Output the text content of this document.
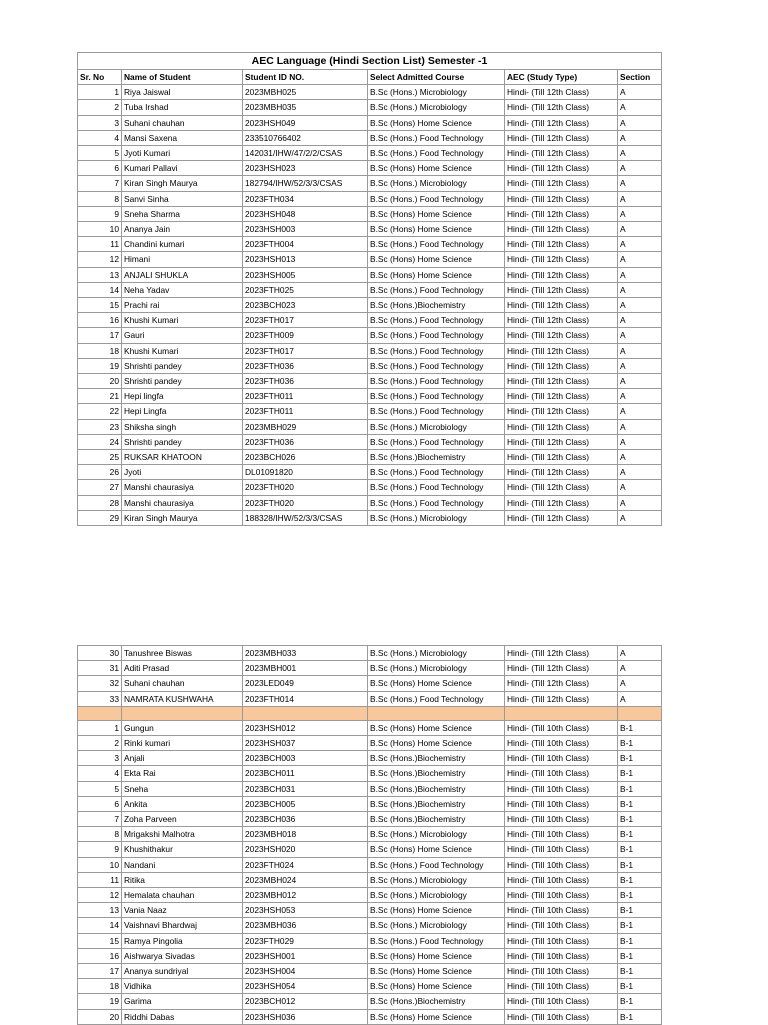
AEC Language (Hindi Section List) Semester -1					
Sr. No	Name of Student	Student ID NO.	Select Admitted Course	AEC (Study Type)	Section
1	Riya Jaiswal	2023MBH025	B.Sc (Hons.) Microbiology	Hindi- (Till 12th Class)	A
2	Tuba Irshad	2023MBH035	B.Sc (Hons.) Microbiology	Hindi- (Till 12th Class)	A
3	Suhani chauhan	2023HSH049	B.Sc (Hons) Home Science	Hindi- (Till 12th Class)	A
4	Mansi Saxena	233510766402	B.Sc (Hons.) Food Technology	Hindi- (Till 12th Class)	A
5	Jyoti Kumari	142031/IHW/47/2/2/CSAS	B.Sc (Hons.) Food Technology	Hindi- (Till 12th Class)	A
6	Kumari Pallavi	2023HSH023	B.Sc (Hons) Home Science	Hindi- (Till 12th Class)	A
7	Kiran Singh Maurya	182794/IHW/52/3/3/CSAS	B.Sc (Hons.) Microbiology	Hindi- (Till 12th Class)	A
8	Sanvi Sinha	2023FTH034	B.Sc (Hons.) Food Technology	Hindi- (Till 12th Class)	A
9	Sneha Sharma	2023HSH048	B.Sc (Hons) Home Science	Hindi- (Till 12th Class)	A
10	Ananya Jain	2023HSH003	B.Sc (Hons) Home Science	Hindi- (Till 12th Class)	A
11	Chandini kumari	2023FTH004	B.Sc (Hons.) Food Technology	Hindi- (Till 12th Class)	A
12	Himani	2023HSH013	B.Sc (Hons) Home Science	Hindi- (Till 12th Class)	A
13	ANJALI SHUKLA	2023HSH005	B.Sc (Hons) Home Science	Hindi- (Till 12th Class)	A
14	Neha Yadav	2023FTH025	B.Sc (Hons.) Food Technology	Hindi- (Till 12th Class)	A
15	Prachi rai	2023BCH023	B.Sc (Hons.)Biochemistry	Hindi- (Till 12th Class)	A
16	Khushi Kumari	2023FTH017	B.Sc (Hons.) Food Technology	Hindi- (Till 12th Class)	A
17	Gauri	2023FTH009	B.Sc (Hons.) Food Technology	Hindi- (Till 12th Class)	A
18	Khushi Kumari	2023FTH017	B.Sc (Hons.) Food Technology	Hindi- (Till 12th Class)	A
19	Shrishti pandey	2023FTH036	B.Sc (Hons.) Food Technology	Hindi- (Till 12th Class)	A
20	Shrishti pandey	2023FTH036	B.Sc (Hons.) Food Technology	Hindi- (Till 12th Class)	A
21	Hepi lingfa	2023FTH011	B.Sc (Hons.) Food Technology	Hindi- (Till 12th Class)	A
22	Hepi Lingfa	2023FTH011	B.Sc (Hons.) Food Technology	Hindi- (Till 12th Class)	A
23	Shiksha singh	2023MBH029	B.Sc (Hons.) Microbiology	Hindi- (Till 12th Class)	A
24	Shrishti pandey	2023FTH036	B.Sc (Hons.) Food Technology	Hindi- (Till 12th Class)	A
25	RUKSAR KHATOON	2023BCH026	B.Sc (Hons.)Biochemistry	Hindi- (Till 12th Class)	A
26	Jyoti	DL01091820	B.Sc (Hons.) Food Technology	Hindi- (Till 12th Class)	A
27	Manshi chaurasiya	2023FTH020	B.Sc (Hons.) Food Technology	Hindi- (Till 12th Class)	A
28	Manshi chaurasiya	2023FTH020	B.Sc (Hons.) Food Technology	Hindi- (Till 12th Class)	A
29	Kiran Singh Maurya	188328/IHW/52/3/3/CSAS	B.Sc (Hons.) Microbiology	Hindi- (Till 12th Class)	A
30	Tanushree Biswas	2023MBH033	B.Sc (Hons.) Microbiology	Hindi- (Till 12th Class)	A
31	Aditi Prasad	2023MBH001	B.Sc (Hons.) Microbiology	Hindi- (Till 12th Class)	A
32	Suhani chauhan	2023LED049	B.Sc (Hons) Home Science	Hindi- (Till 12th Class)	A
33	NAMRATA KUSHWAHA	2023FTH014	B.Sc (Hons.) Food Technology	Hindi- (Till 12th Class)	A

1	Gungun	2023HSH012	B.Sc (Hons) Home Science	Hindi- (Till 10th Class)	B-1
2	Rinki kumari	2023HSH037	B.Sc (Hons) Home Science	Hindi- (Till 10th Class)	B-1
3	Anjali	2023BCH003	B.Sc (Hons.)Biochemistry	Hindi- (Till 10th Class)	B-1
4	Ekta Rai	2023BCH011	B.Sc (Hons.)Biochemistry	Hindi- (Till 10th Class)	B-1
5	Sneha	2023BCH031	B.Sc (Hons.)Biochemistry	Hindi- (Till 10th Class)	B-1
6	Ankita	2023BCH005	B.Sc (Hons.)Biochemistry	Hindi- (Till 10th Class)	B-1
7	Zoha Parveen	2023BCH036	B.Sc (Hons.)Biochemistry	Hindi- (Till 10th Class)	B-1
8	Mrigakshi Malhotra	2023MBH018	B.Sc (Hons.) Microbiology	Hindi- (Till 10th Class)	B-1
9	Khushithakur	2023HSH020	B.Sc (Hons) Home Science	Hindi- (Till 10th Class)	B-1
10	Nandani	2023FTH024	B.Sc (Hons.) Food Technology	Hindi- (Till 10th Class)	B-1
11	Ritika	2023MBH024	B.Sc (Hons.) Microbiology	Hindi- (Till 10th Class)	B-1
12	Hemalata chauhan	2023MBH012	B.Sc (Hons.) Microbiology	Hindi- (Till 10th Class)	B-1
13	Vania Naaz	2023HSH053	B.Sc (Hons) Home Science	Hindi- (Till 10th Class)	B-1
14	Vaishnavi Bhardwaj	2023MBH036	B.Sc (Hons.) Microbiology	Hindi- (Till 10th Class)	B-1
15	Ramya Pingolia	2023FTH029	B.Sc (Hons.) Food Technology	Hindi- (Till 10th Class)	B-1
16	Aishwarya Sivadas	2023HSH001	B.Sc (Hons) Home Science	Hindi- (Till 10th Class)	B-1
17	Ananya sundriyal	2023HSH004	B.Sc (Hons) Home Science	Hindi- (Till 10th Class)	B-1
18	Vidhika	2023HSH054	B.Sc (Hons) Home Science	Hindi- (Till 10th Class)	B-1
19	Garima	2023BCH012	B.Sc (Hons.)Biochemistry	Hindi- (Till 10th Class)	B-1
20	Riddhi Dabas	2023HSH036	B.Sc (Hons) Home Science	Hindi- (Till 10th Class)	B-1
